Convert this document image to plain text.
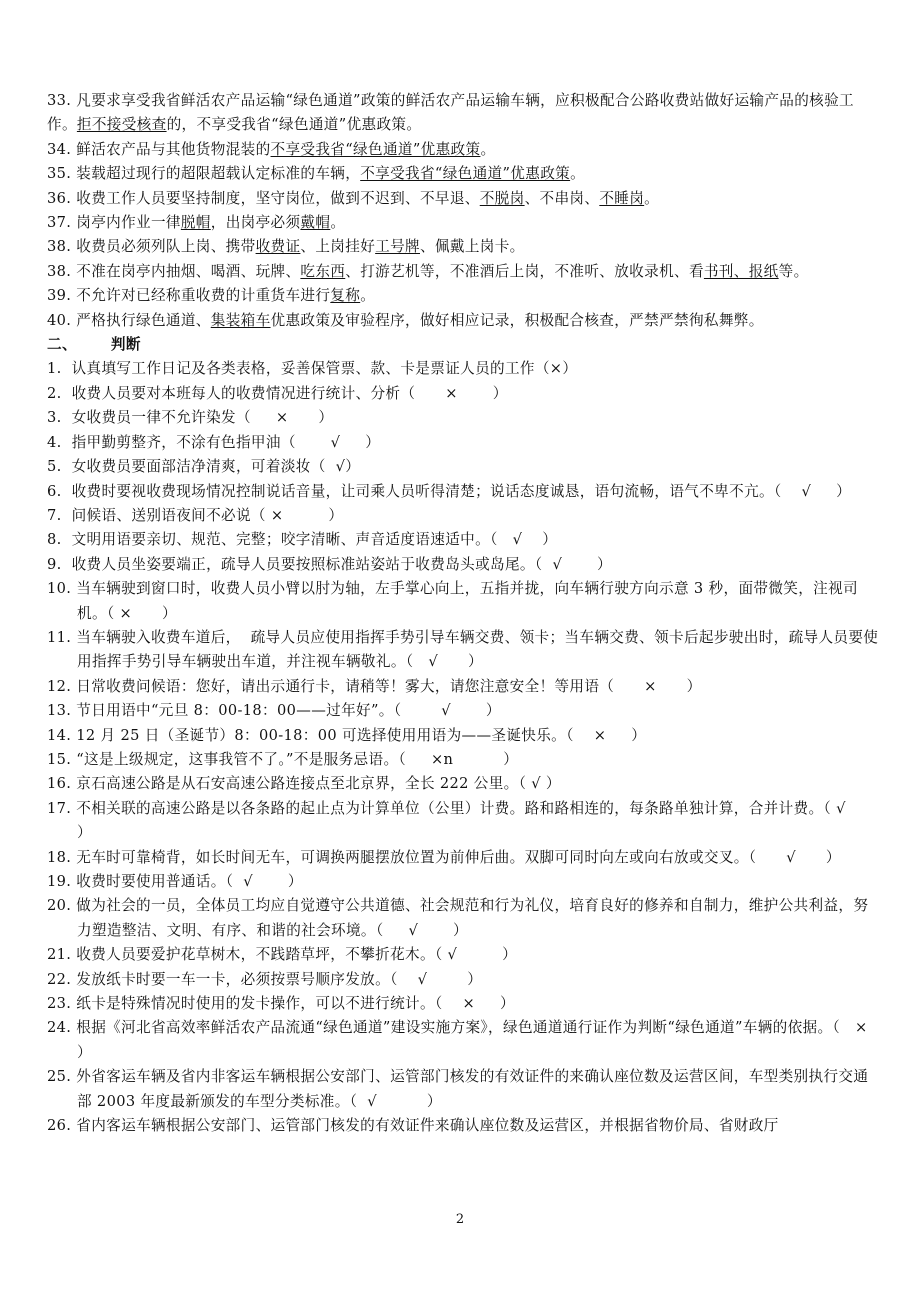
33. 凡要求享受我省鲜活农产品运输“绿色通道”政策的鲜活农产品运输车辆，应积极配合公路收费站做好运输产品的核验工作。拒不接受核查的，不享受我省“绿色通道”优惠政策。
34. 鲜活农产品与其他货物混装的不享受我省“绿色通道”优惠政策。
35. 装载超过现行的超限超载认定标准的车辆，不享受我省“绿色通道”优惠政策。
36. 收费工作人员要坚持制度，坚守岗位，做到不迟到、不早退、不脱岗、不串岗、不睡岗。
37. 岗亭内作业一律脱帽，出岗亭必须戴帽。
38. 收费员必须列队上岗、携带收费证、上岗挂好工号牌、佩戴上岗卡。
38. 不准在岗亭内抽烟、喝酒、玩牌、吃东西、打游艺机等，不准酒后上岗，不准听、放收录机、看书刊、报纸等。
39. 不允许对已经称重收费的计重货车进行复称。
40. 严格执行绿色通道、集装箱车优惠政策及审验程序，做好相应记录，积极配合核查，严禁严禁徇私舞弊。
二、 判断
1.  认真填写工作日记及各类表格，妥善保管票、款、卡是票证人员的工作（×）
2.  收费人员要对本班每人的收费情况进行统计、分析（      ×       ）
3.  女收费员一律不允许染发（     ×      ）
4.  指甲勤剪整齐，不涂有色指甲油（       √     ）
5.  女收费员要面部洁净清爽，可着淡妆（  √）
6.  收费时要视收费现场情况控制说话音量，让司乘人员听得清楚；说话态度诚恳，语句流畅，语气不卑不亢。（    √     ）
7.  问候语、送别语夜间不必说（ ×         ）
8.  文明用语要亲切、规范、完整；咬字清晰、声音适度语速适中。（   √    ）
9.  收费人员坐姿要端正，疏导人员要按照标准站姿站于收费岛头或岛尾。（  √       ）
10. 当车辆驶到窗口时，收费人员小臂以肘为轴，左手掌心向上，五指并拢，向车辆行驶方向示意 3 秒，面带微笑，注视司机。（ ×      ）
11. 当车辆驶入收费车道后，  疏导人员应使用指挥手势引导车辆交费、领卡；当车辆交费、领卡后起步驶出时，疏导人员要使用指挥手势引导车辆驶出车道，并注视车辆敬礼。（   √      ）
12. 日常收费问候语：您好，请出示通行卡，请稍等！雾大，请您注意安全！等用语（      ×      ）
13. 节日用语中“元旦 8：00-18：00——过年好”。（        √       ）
14. 12 月 25 日（圣诞节）8：00-18：00 可选择使用用语为——圣诞快乐。（    ×     ）
15. “这是上级规定，这事我管不了。”不是服务忌语。（     ×n          ）
16. 京石高速公路是从石安高速公路连接点至北京界，全长 222 公里。（ √ ）
17. 不相关联的高速公路是以各条路的起止点为计算单位（公里）计费。路和路相连的，每条路单独计算，合并计费。（ √       ）
18. 无车时可靠椅背，如长时间无车，可调换两腿摆放位置为前伸后曲。双脚可同时向左或向右放或交叉。（      √      ）
19. 收费时要使用普通话。（  √       ）
20. 做为社会的一员，全体员工均应自觉遵守公共道德、社会规范和行为礼仪，培育良好的修养和自制力，维护公共利益，努力塑造整洁、文明、有序、和谐的社会环境。（     √       ）
21. 收费人员要爱护花草树木，不践踏草坪，不攀折花木。（ √         ）
22. 发放纸卡时要一车一卡，必须按票号顺序发放。（    √        ）
23. 纸卡是特殊情况时使用的发卡操作，可以不进行统计。（    ×     ）
24. 根据《河北省高效率鲜活农产品流通“绿色通道”建设实施方案》，绿色通道通行证作为判断“绿色通道”车辆的依据。（   ×     ）
25. 外省客运车辆及省内非客运车辆根据公安部门、运管部门核发的有效证件的来确认座位数及运营区间，车型类别执行交通部 2003 年度最新颁发的车型分类标准。（  √          ）
26. 省内客运车辆根据公安部门、运管部门核发的有效证件来确认座位数及运营区，并根据省物价局、省财政厅
2
